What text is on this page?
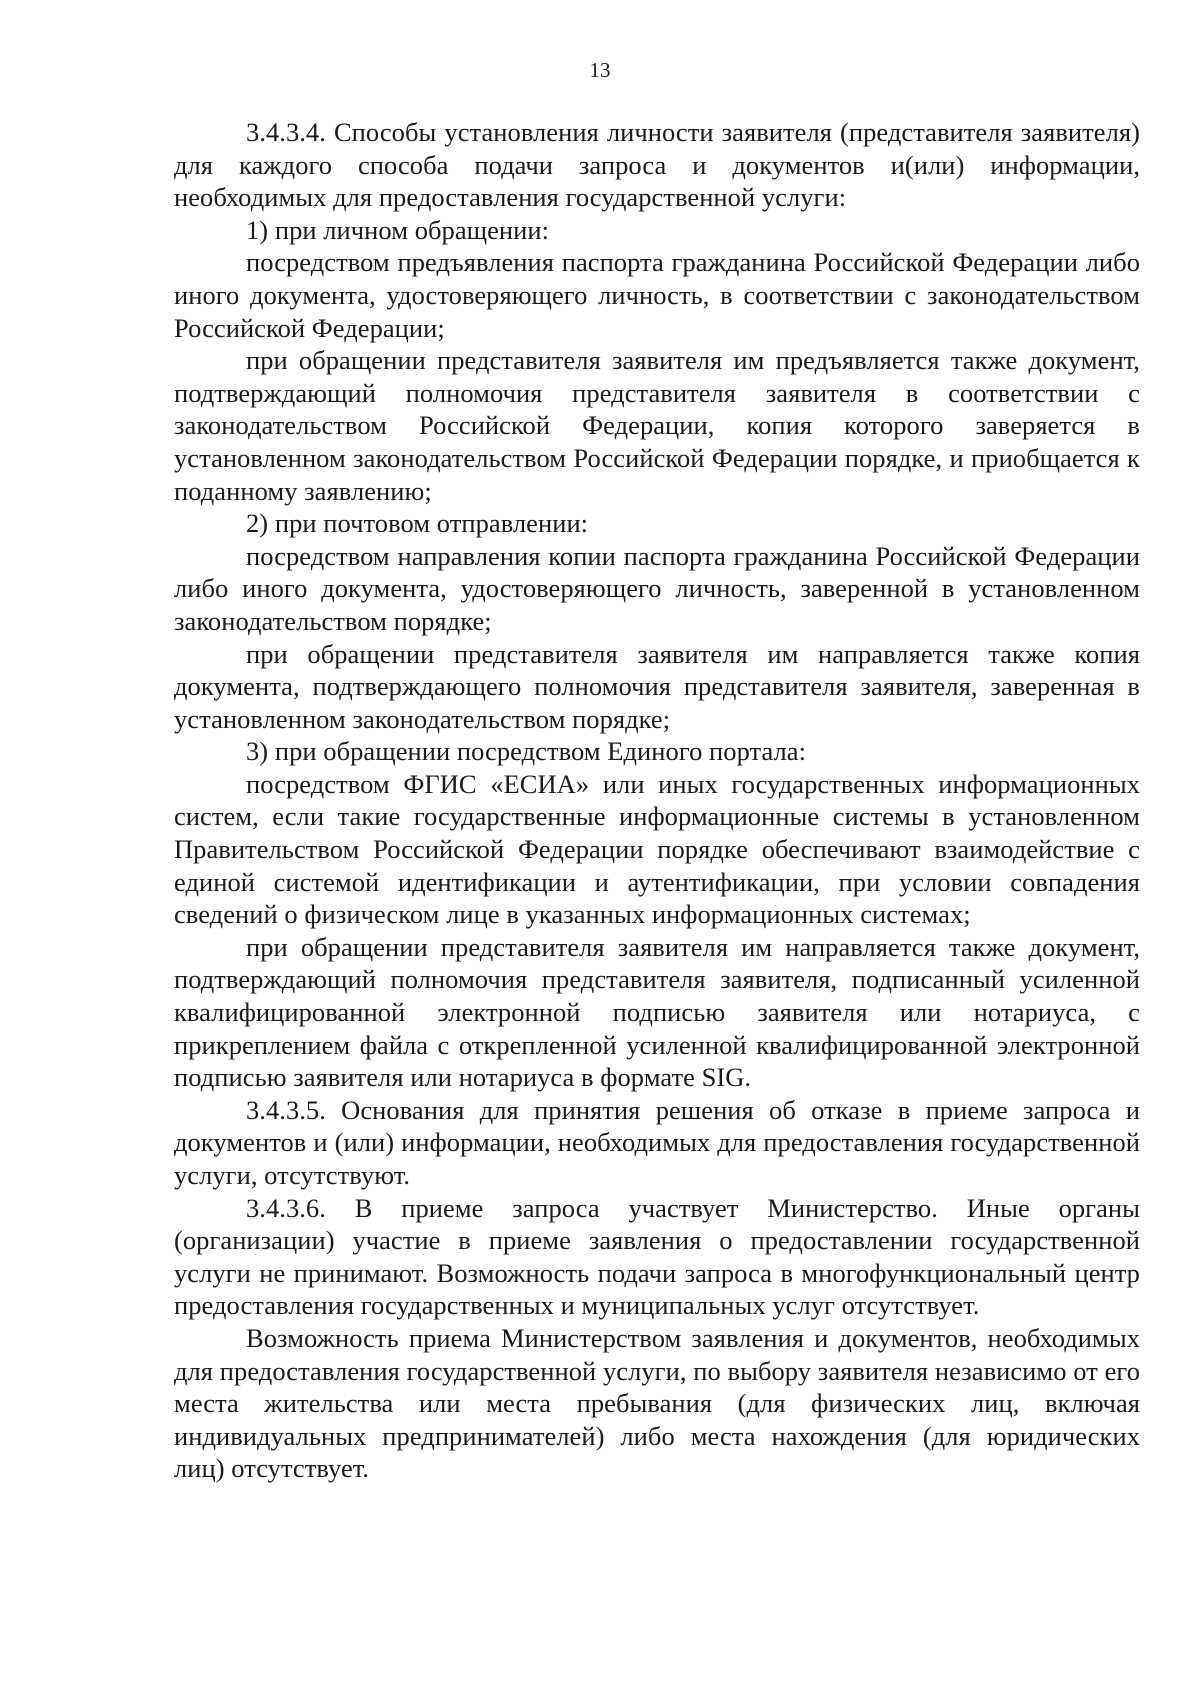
13

3.4.3.4. Способы установления личности заявителя (представителя заявителя) для каждого способа подачи запроса и документов и(или) информации, необходимых для предоставления государственной услуги:

1) при личном обращении:

посредством предъявления паспорта гражданина Российской Федерации либо иного документа, удостоверяющего личность, в соответствии с законодательством Российской Федерации;

при обращении представителя заявителя им предъявляется также документ, подтверждающий полномочия представителя заявителя в соответствии с законодательством Российской Федерации, копия которого заверяется в установленном законодательством Российской Федерации порядке, и приобщается к поданному заявлению;

2) при почтовом отправлении:

посредством направления копии паспорта гражданина Российской Федерации либо иного документа, удостоверяющего личность, заверенной в установленном законодательством порядке;

при обращении представителя заявителя им направляется также копия документа, подтверждающего полномочия представителя заявителя, заверенная в установленном законодательством порядке;

3) при обращении посредством Единого портала:

посредством ФГИС «ЕСИА» или иных государственных информационных систем, если такие государственные информационные системы в установленном Правительством Российской Федерации порядке обеспечивают взаимодействие с единой системой идентификации и аутентификации, при условии совпадения сведений о физическом лице в указанных информационных системах;

при обращении представителя заявителя им направляется также документ, подтверждающий полномочия представителя заявителя, подписанный усиленной квалифицированной электронной подписью заявителя или нотариуса, с прикреплением файла с открепленной усиленной квалифицированной электронной подписью заявителя или нотариуса в формате SIG.

3.4.3.5. Основания для принятия решения об отказе в приеме запроса и документов и (или) информации, необходимых для предоставления государственной услуги, отсутствуют.

3.4.3.6. В приеме запроса участвует Министерство. Иные органы (организации) участие в приеме заявления о предоставлении государственной услуги не принимают. Возможность подачи запроса в многофункциональный центр предоставления государственных и муниципальных услуг отсутствует.

Возможность приема Министерством заявления и документов, необходимых для предоставления государственной услуги, по выбору заявителя независимо от его места жительства или места пребывания (для физических лиц, включая индивидуальных предпринимателей) либо места нахождения (для юридических лиц) отсутствует.
